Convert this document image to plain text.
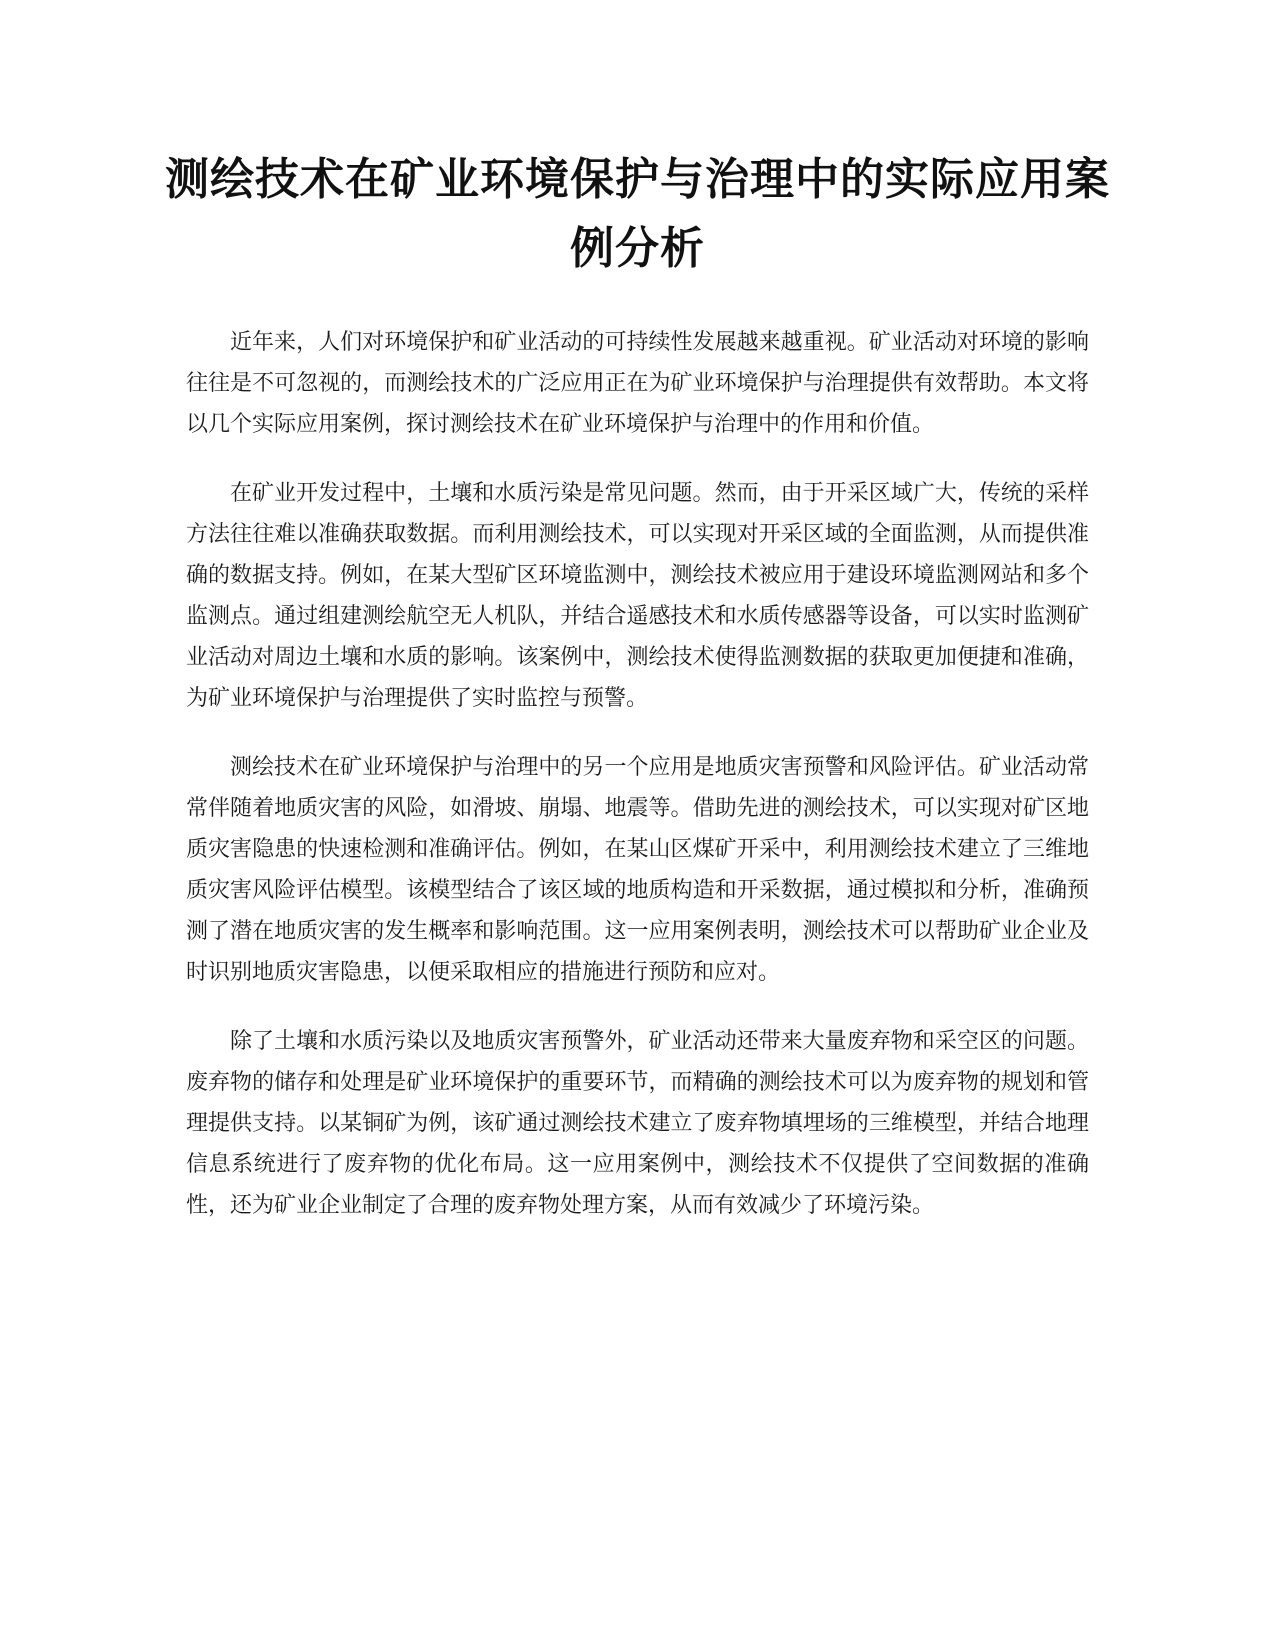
测绘技术在矿业环境保护与治理中的实际应用案例分析

近年来，人们对环境保护和矿业活动的可持续性发展越来越重视。矿业活动对环境的影响往往是不可忽视的，而测绘技术的广泛应用正在为矿业环境保护与治理提供有效帮助。本文将以几个实际应用案例，探讨测绘技术在矿业环境保护与治理中的作用和价值。

在矿业开发过程中，土壤和水质污染是常见问题。然而，由于开采区域广大，传统的采样方法往往难以准确获取数据。而利用测绘技术，可以实现对开采区域的全面监测，从而提供准确的数据支持。例如，在某大型矿区环境监测中，测绘技术被应用于建设环境监测网站和多个监测点。通过组建测绘航空无人机队，并结合遥感技术和水质传感器等设备，可以实时监测矿业活动对周边土壤和水质的影响。该案例中，测绘技术使得监测数据的获取更加便捷和准确，为矿业环境保护与治理提供了实时监控与预警。

测绘技术在矿业环境保护与治理中的另一个应用是地质灾害预警和风险评估。矿业活动常常伴随着地质灾害的风险，如滑坡、崩塌、地震等。借助先进的测绘技术，可以实现对矿区地质灾害隐患的快速检测和准确评估。例如，在某山区煤矿开采中，利用测绘技术建立了三维地质灾害风险评估模型。该模型结合了该区域的地质构造和开采数据，通过模拟和分析，准确预测了潜在地质灾害的发生概率和影响范围。这一应用案例表明，测绘技术可以帮助矿业企业及时识别地质灾害隐患，以便采取相应的措施进行预防和应对。

除了土壤和水质污染以及地质灾害预警外，矿业活动还带来大量废弃物和采空区的问题。废弃物的储存和处理是矿业环境保护的重要环节，而精确的测绘技术可以为废弃物的规划和管理提供支持。以某铜矿为例，该矿通过测绘技术建立了废弃物填埋场的三维模型，并结合地理信息系统进行了废弃物的优化布局。这一应用案例中，测绘技术不仅提供了空间数据的准确性，还为矿业企业制定了合理的废弃物处理方案，从而有效减少了环境污染。
